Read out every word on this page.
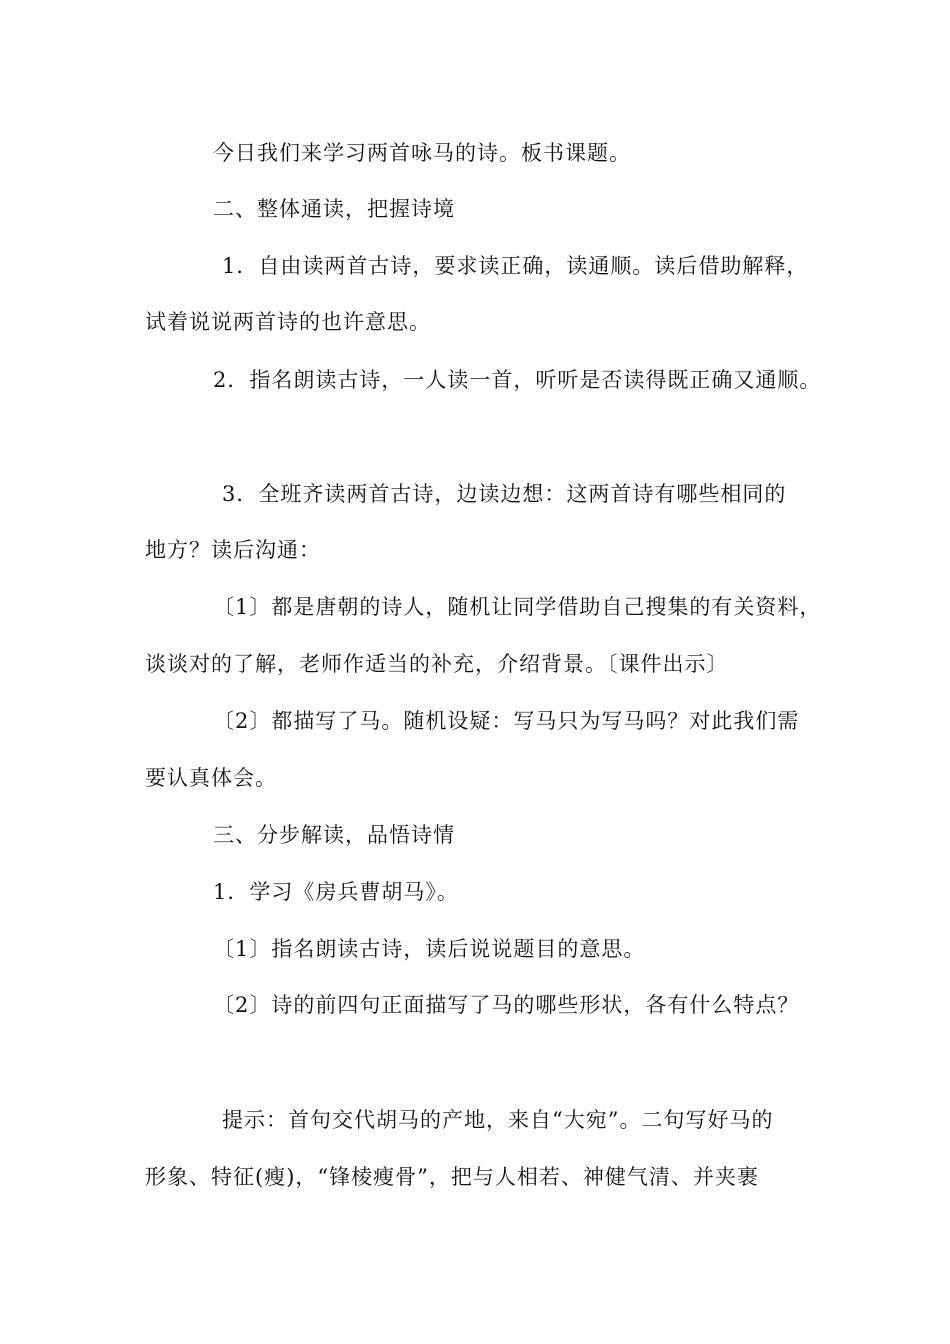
今日我们来学习两首咏马的诗。板书课题。
二、整体通读，把握诗境
1．自由读两首古诗，要求读正确，读通顺。读后借助解释，
试着说说两首诗的也许意思。
2．指名朗读古诗，一人读一首，听听是否读得既正确又通顺。
3．全班齐读两首古诗，边读边想：这两首诗有哪些相同的
地方？读后沟通：
〔1〕都是唐朝的诗人，随机让同学借助自己搜集的有关资料，
谈谈对的了解，老师作适当的补充，介绍背景。〔课件出示〕
〔2〕都描写了马。随机设疑：写马只为写马吗？对此我们需
要认真体会。
三、分步解读，品悟诗情
1．学习《房兵曹胡马》。
〔1〕指名朗读古诗，读后说说题目的意思。
〔2〕诗的前四句正面描写了马的哪些形状，各有什么特点？
提示：首句交代胡马的产地，来自“大宛”。二句写好马的
形象、特征(瘦)，“锋棱瘦骨”，把与人相若、神健气清、并夹裹
